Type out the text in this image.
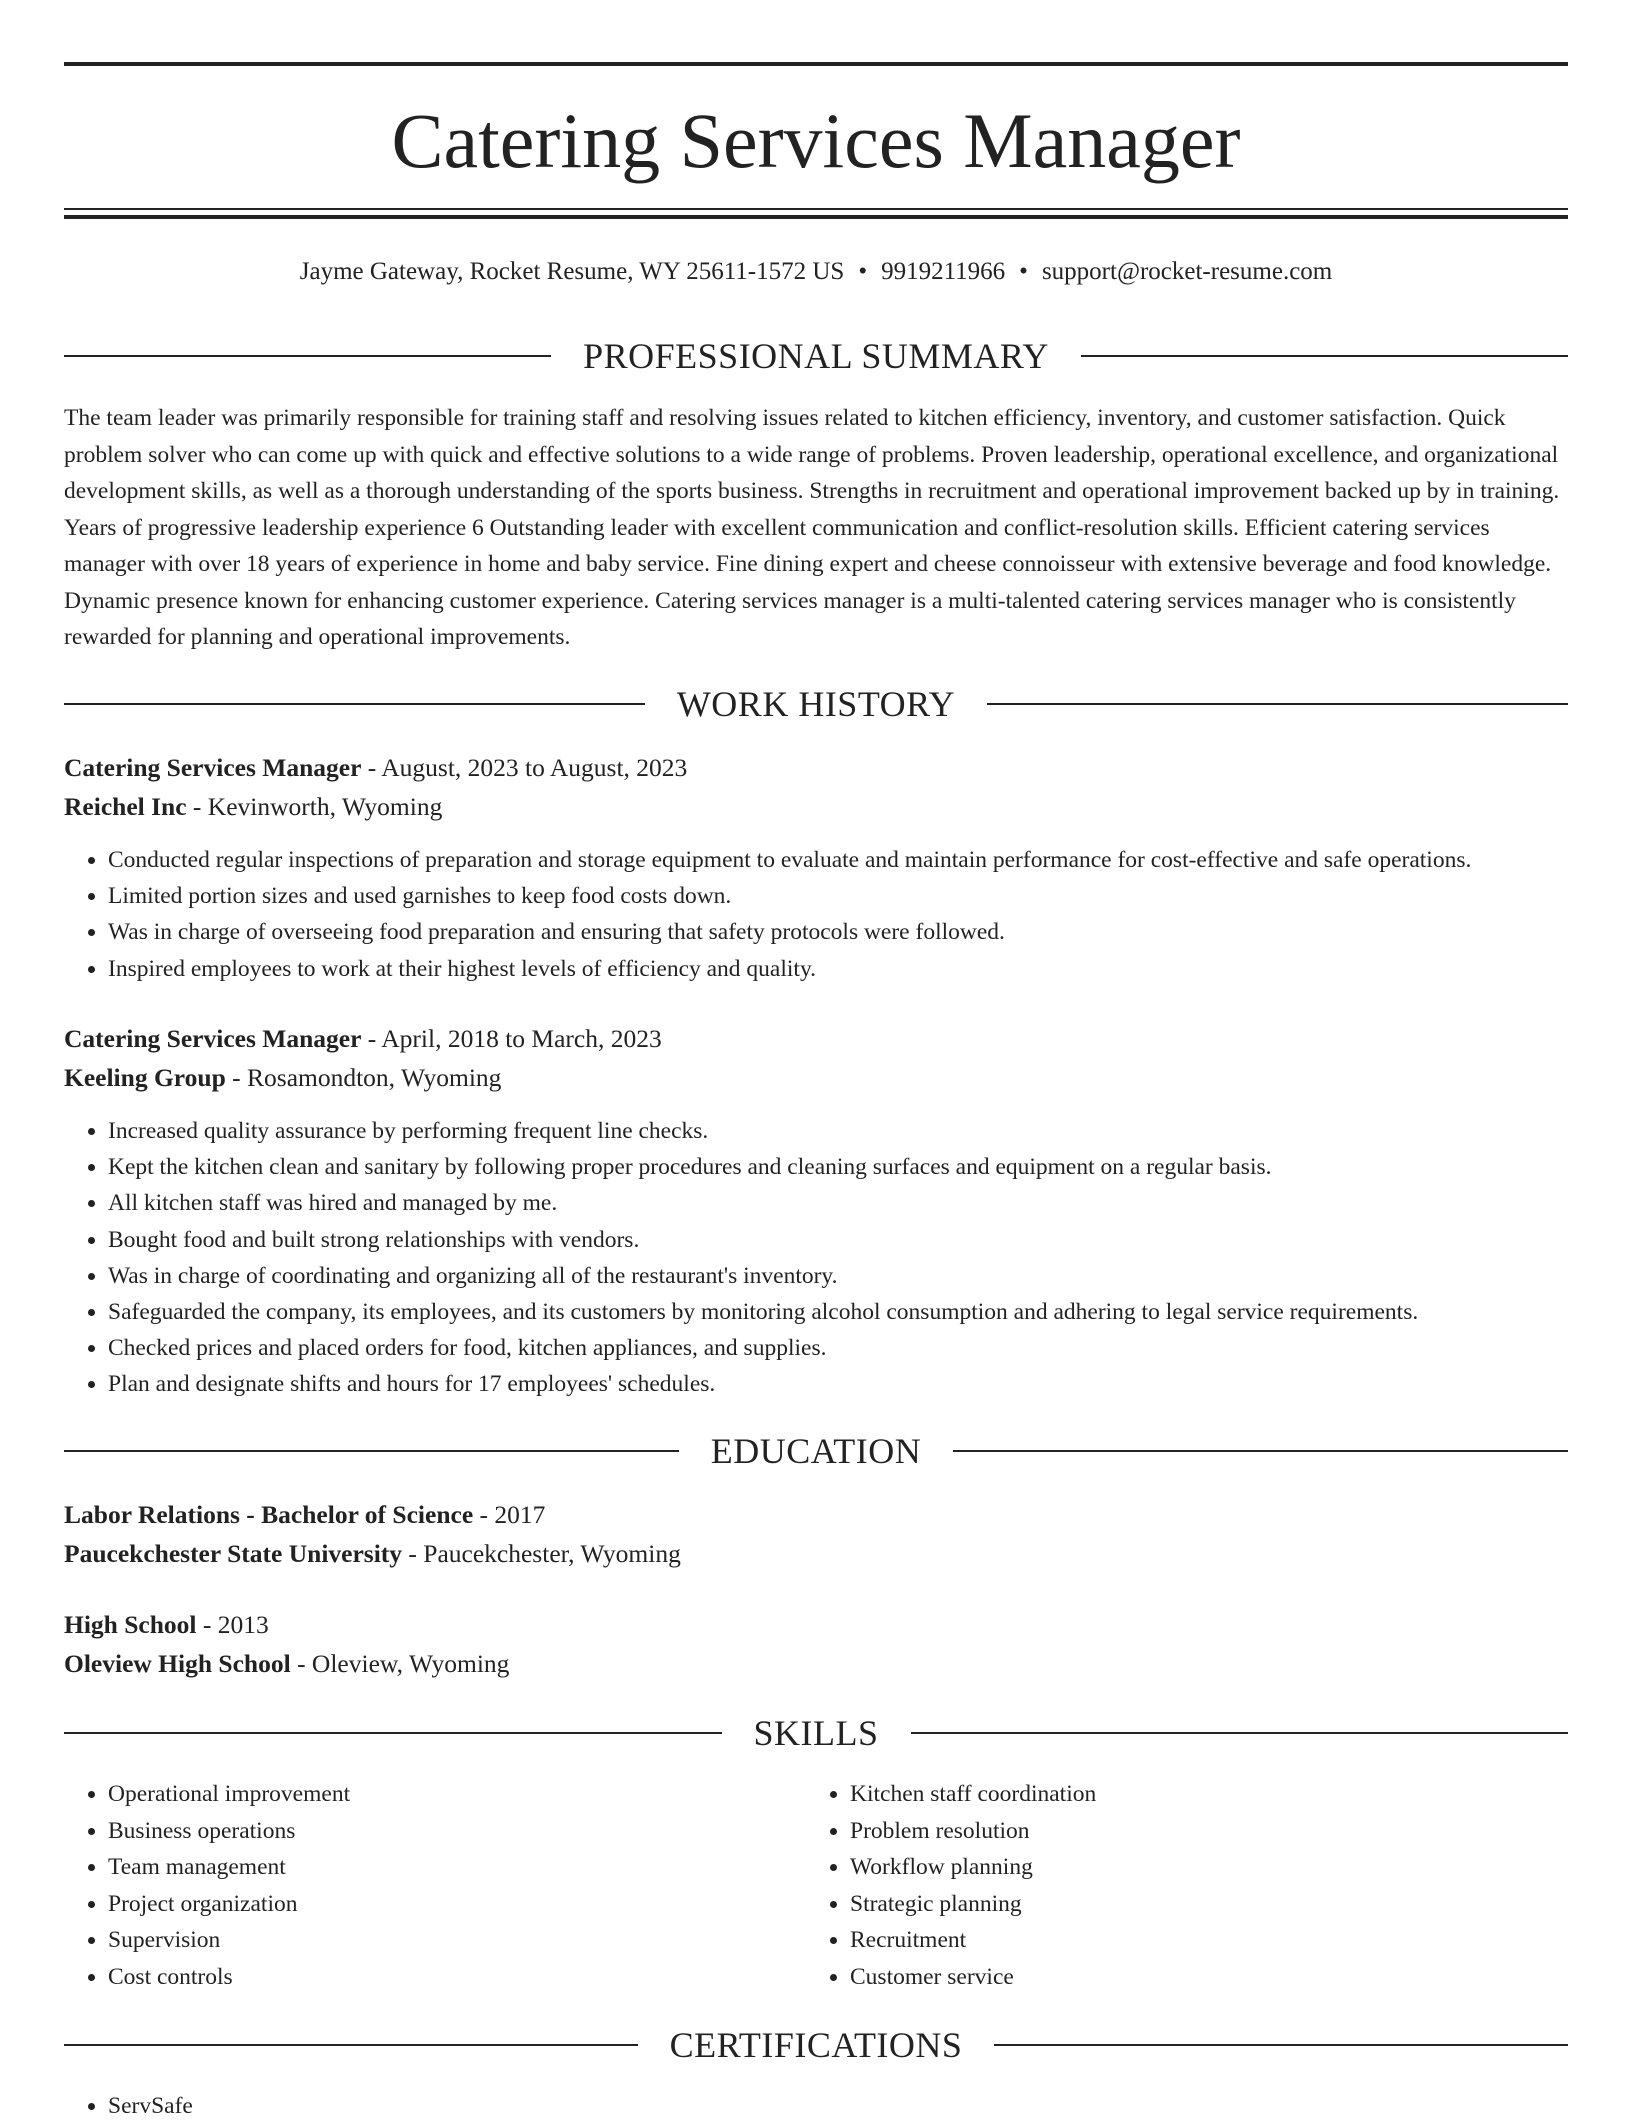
Catering Services Manager
Jayme Gateway, Rocket Resume, WY 25611-1572 US • 9919211966 • support@rocket-resume.com
PROFESSIONAL SUMMARY

The team leader was primarily responsible for training staff and resolving issues related to kitchen efficiency, inventory, and customer satisfaction. Quick problem solver who can come up with quick and effective solutions to a wide range of problems. Proven leadership, operational excellence, and organizational development skills, as well as a thorough understanding of the sports business. Strengths in recruitment and operational improvement backed up by in training. Years of progressive leadership experience 6 Outstanding leader with excellent communication and conflict-resolution skills. Efficient catering services manager with over 18 years of experience in home and baby service. Fine dining expert and cheese connoisseur with extensive beverage and food knowledge. Dynamic presence known for enhancing customer experience. Catering services manager is a multi-talented catering services manager who is consistently rewarded for planning and operational improvements.

WORK HISTORY

Catering Services Manager - August, 2023 to August, 2023

Reichel Inc - Kevinworth, Wyoming

• Conducted regular inspections of preparation and storage equipment to evaluate and maintain performance for cost-effective and safe operations.
• Limited portion sizes and used garnishes to keep food costs down.
• Was in charge of overseeing food preparation and ensuring that safety protocols were followed.
• Inspired employees to work at their highest levels of efficiency and quality.

Catering Services Manager - April, 2018 to March, 2023

Keeling Group - Rosamondton, Wyoming

• Increased quality assurance by performing frequent line checks.
• Kept the kitchen clean and sanitary by following proper procedures and cleaning surfaces and equipment on a regular basis.
• All kitchen staff was hired and managed by me.
• Bought food and built strong relationships with vendors.
• Was in charge of coordinating and organizing all of the restaurant's inventory.
• Safeguarded the company, its employees, and its customers by monitoring alcohol consumption and adhering to legal service requirements.
• Checked prices and placed orders for food, kitchen appliances, and supplies.
• Plan and designate shifts and hours for 17 employees' schedules.
EDUCATION

Labor Relations - Bachelor of Science - 2017

Paucekchester State University - Paucekchester, Wyoming

High School - 2013

Oleview High School - Oleview, Wyoming

SKILLS
• Operational improvement
• Business operations
• Team management
• Project organization
• Supervision
• Cost controls
• Kitchen staff coordination
• Problem resolution
• Workflow planning
• Strategic planning
• Recruitment
• Customer service
CERTIFICATIONS
• ServSafe
